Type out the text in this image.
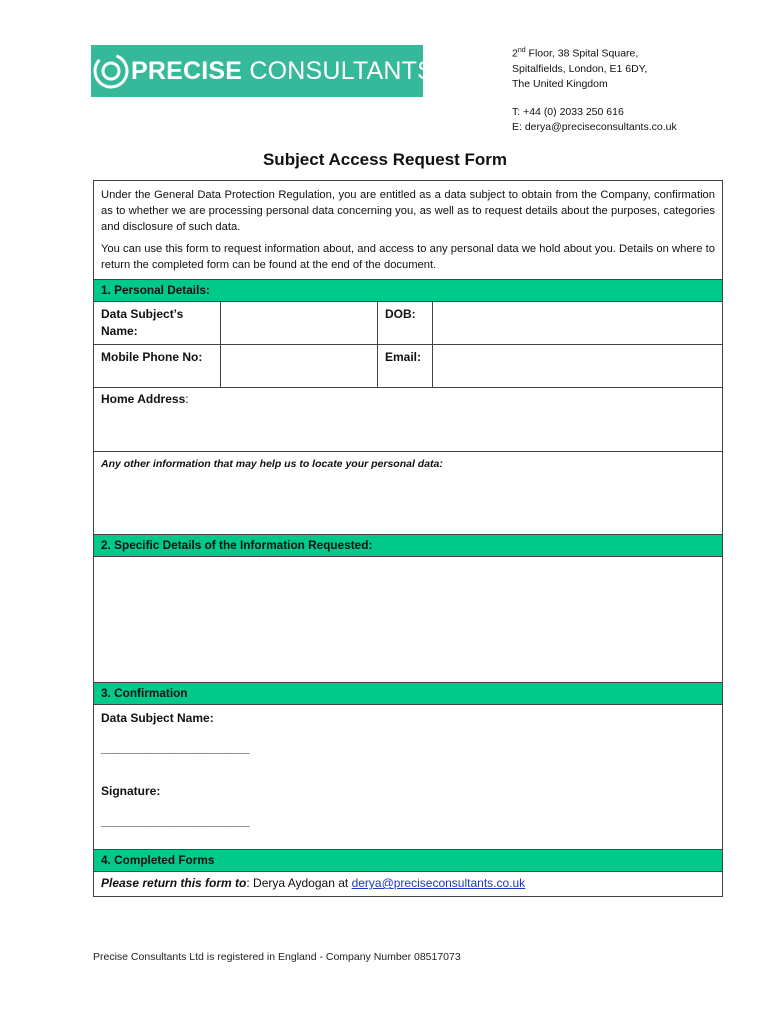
PRECISE CONSULTANTS
2nd Floor, 38 Spital Square,
Spitalfields, London, E1 6DY,
The United Kingdom
T: +44 (0) 2033 250 616
E: derya@preciseconsultants.co.uk
Subject Access Request Form

Under the General Data Protection Regulation, you are entitled as a data subject to obtain from the Company, confirmation as to whether we are processing personal data concerning you, as well as to request details about the purposes, categories and disclosure of such data.

You can use this form to request information about, and access to any personal data we hold about you. Details on where to return the completed form can be found at the end of the document.

1. Personal Details:
Data Subject’s Name:
DOB:
Mobile Phone No:	Email:
Home Address:
Any other information that may help us to locate your personal data:
2. Specific Details of the Information Requested:
3. Confirmation
Data Subject Name:
________________________
Signature:
________________________
4. Completed Forms
Please return this form to: Derya Aydogan at derya@preciseconsultants.co.uk
Precise Consultants Ltd is registered in England - Company Number 08517073
